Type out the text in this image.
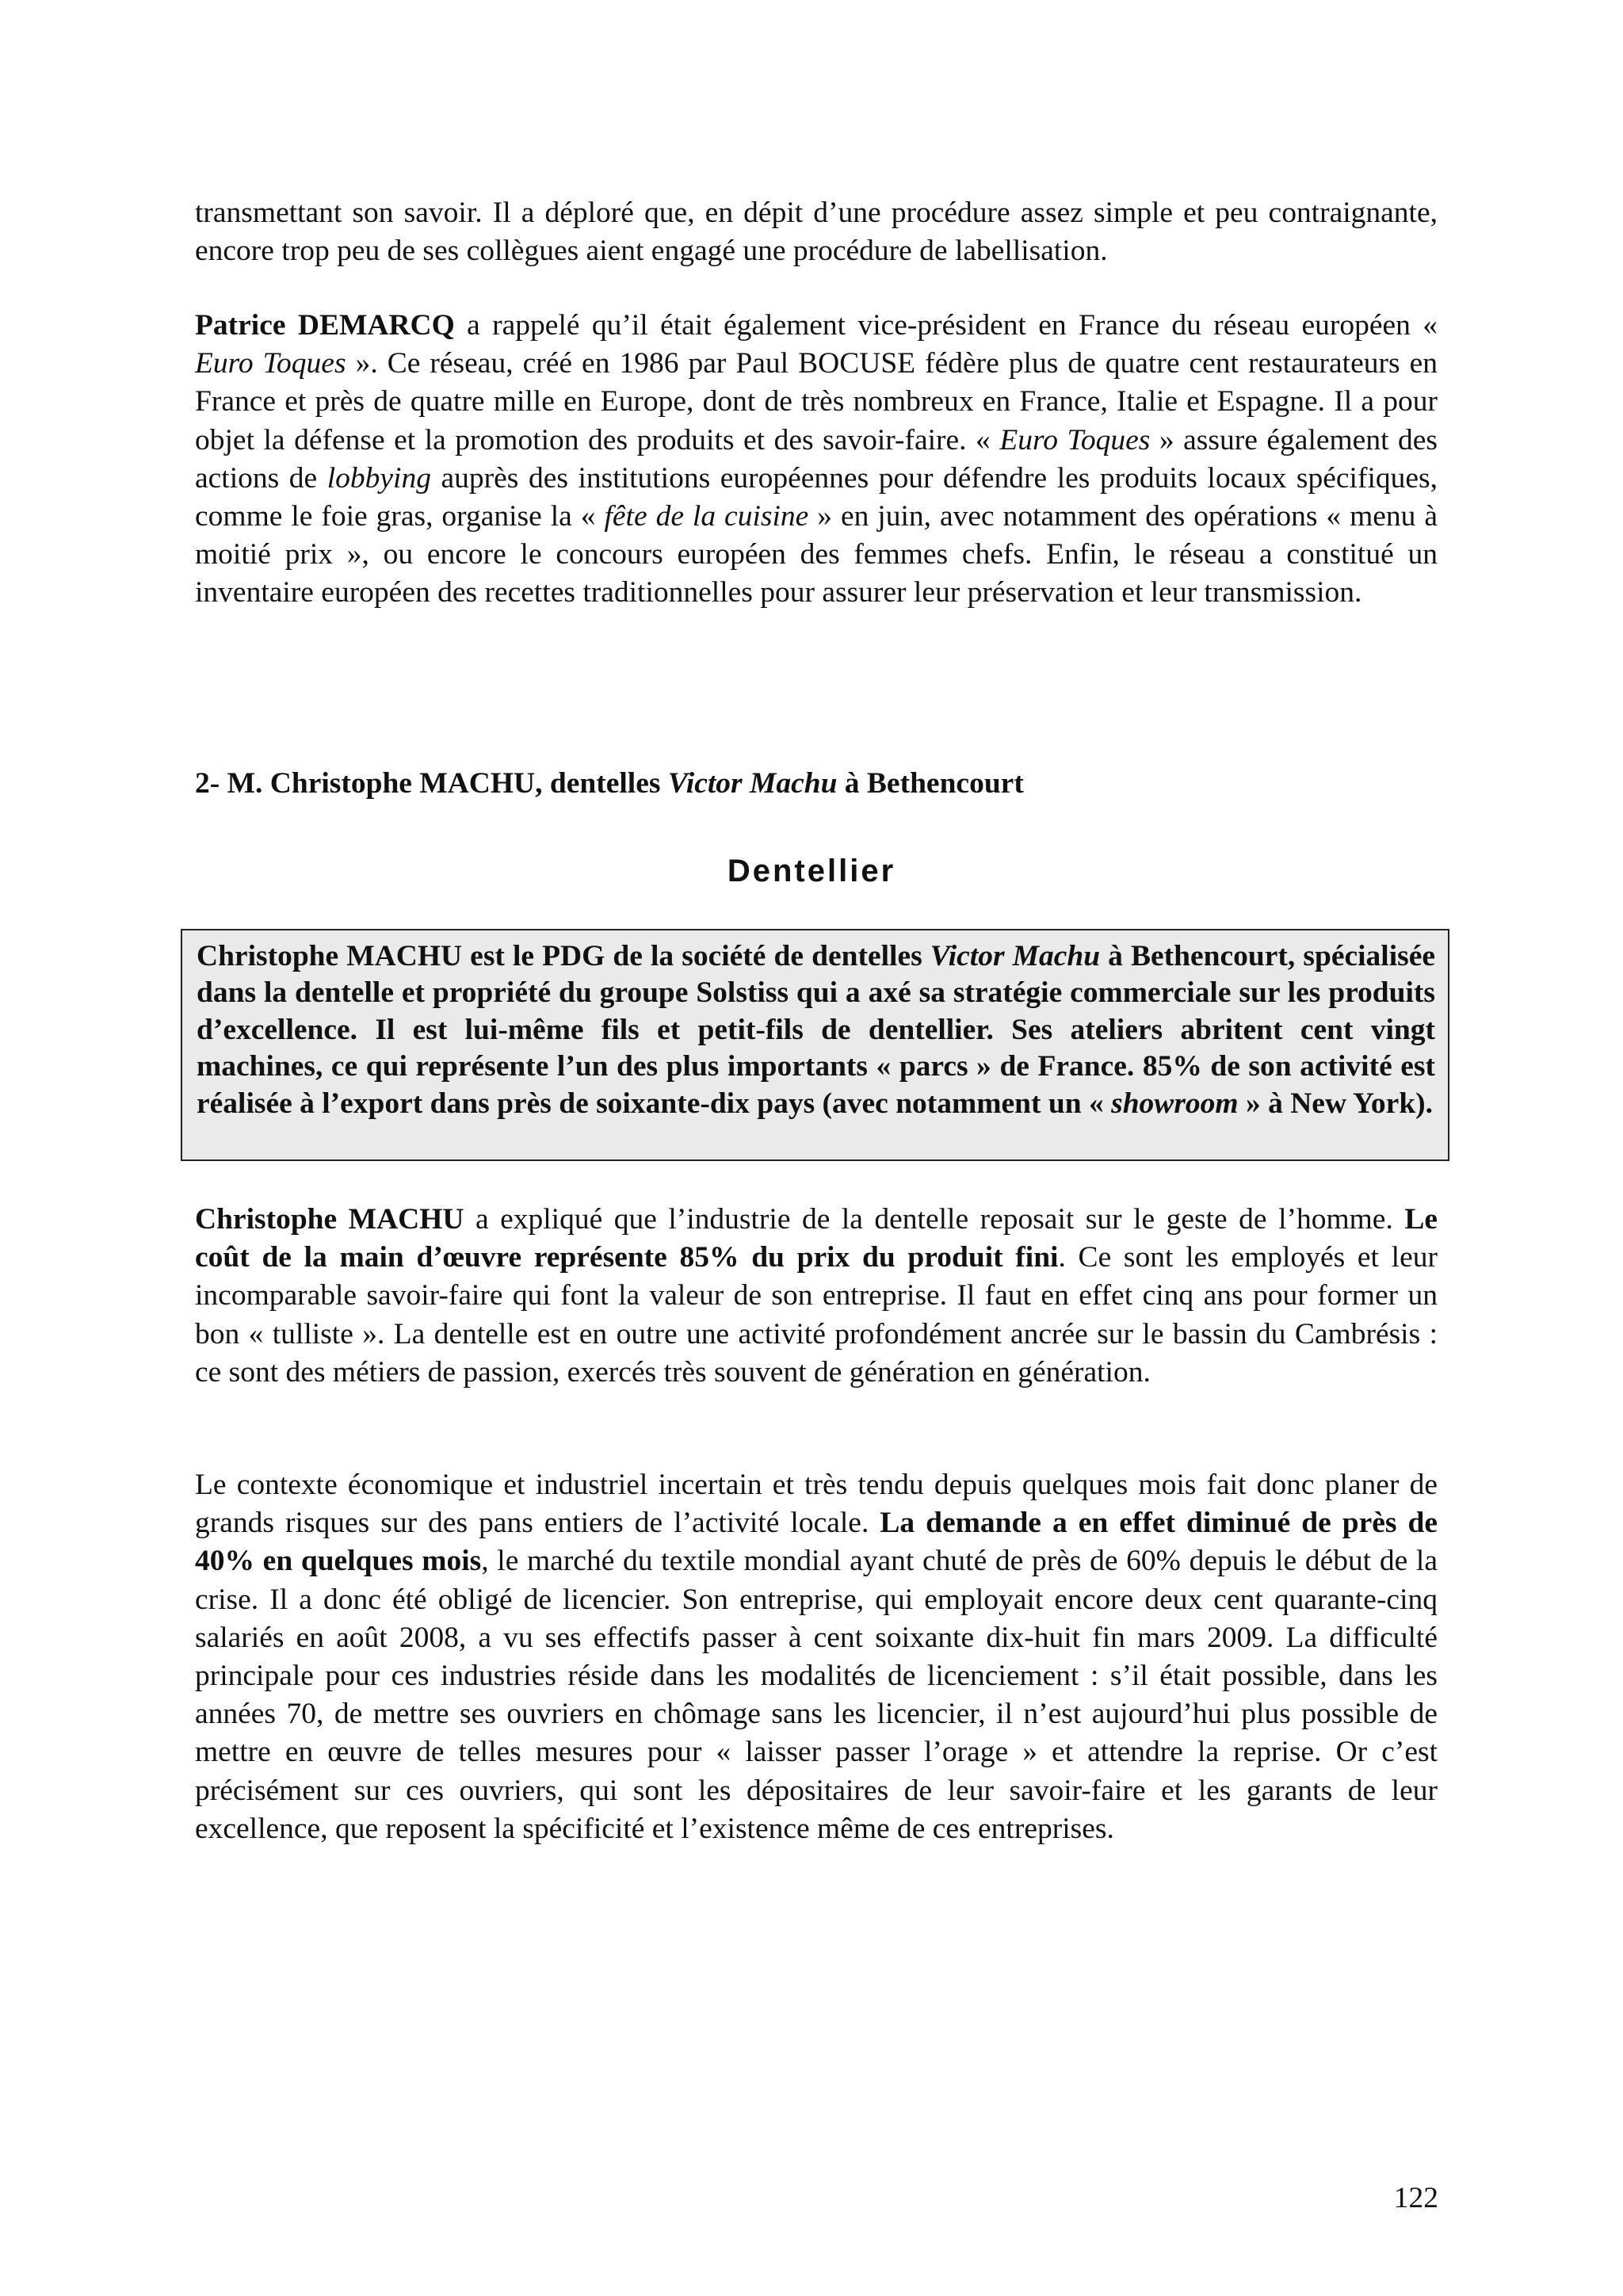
transmettant son savoir. Il a déploré que, en dépit d’une procédure assez simple et peu contraignante, encore trop peu de ses collègues aient engagé une procédure de labellisation.

Patrice DEMARCQ a rappelé qu’il était également vice-président en France du réseau européen « Euro Toques ». Ce réseau, créé en 1986 par Paul BOCUSE fédère plus de quatre cent restaurateurs en France et près de quatre mille en Europe, dont de très nombreux en France, Italie et Espagne. Il a pour objet la défense et la promotion des produits et des savoir-faire. « Euro Toques » assure également des actions de lobbying auprès des institutions européennes pour défendre les produits locaux spécifiques, comme le foie gras, organise la « fête de la cuisine » en juin, avec notamment des opérations « menu à moitié prix », ou encore le concours européen des femmes chefs. Enfin, le réseau a constitué un inventaire européen des recettes traditionnelles pour assurer leur préservation et leur transmission.

2- M. Christophe MACHU, dentelles Victor Machu à Bethencourt

Dentellier

Christophe MACHU est le PDG de la société de dentelles Victor Machu à Bethencourt, spécialisée dans la dentelle et propriété du groupe Solstiss qui a axé sa stratégie commerciale sur les produits d’excellence. Il est lui-même fils et petit-fils de dentellier. Ses ateliers abritent cent vingt machines, ce qui représente l’un des plus importants « parcs » de France. 85% de son activité est réalisée à l’export dans près de soixante-dix pays (avec notamment un « showroom » à New York).

Christophe MACHU a expliqué que l’industrie de la dentelle reposait sur le geste de l’homme. Le coût de la main d’œuvre représente 85% du prix du produit fini. Ce sont les employés et leur incomparable savoir-faire qui font la valeur de son entreprise. Il faut en effet cinq ans pour former un bon « tulliste ». La dentelle est en outre une activité profondément ancrée sur le bassin du Cambrésis : ce sont des métiers de passion, exercés très souvent de génération en génération.

Le contexte économique et industriel incertain et très tendu depuis quelques mois fait donc planer de grands risques sur des pans entiers de l’activité locale. La demande a en effet diminué de près de 40% en quelques mois, le marché du textile mondial ayant chuté de près de 60% depuis le début de la crise. Il a donc été obligé de licencier. Son entreprise, qui employait encore deux cent quarante-cinq salariés en août 2008, a vu ses effectifs passer à cent soixante dix-huit fin mars 2009. La difficulté principale pour ces industries réside dans les modalités de licenciement : s’il était possible, dans les années 70, de mettre ses ouvriers en chômage sans les licencier, il n’est aujourd’hui plus possible de mettre en œuvre de telles mesures pour « laisser passer l’orage » et attendre la reprise. Or c’est précisément sur ces ouvriers, qui sont les dépositaires de leur savoir-faire et les garants de leur excellence, que reposent la spécificité et l’existence même de ces entreprises.

122
